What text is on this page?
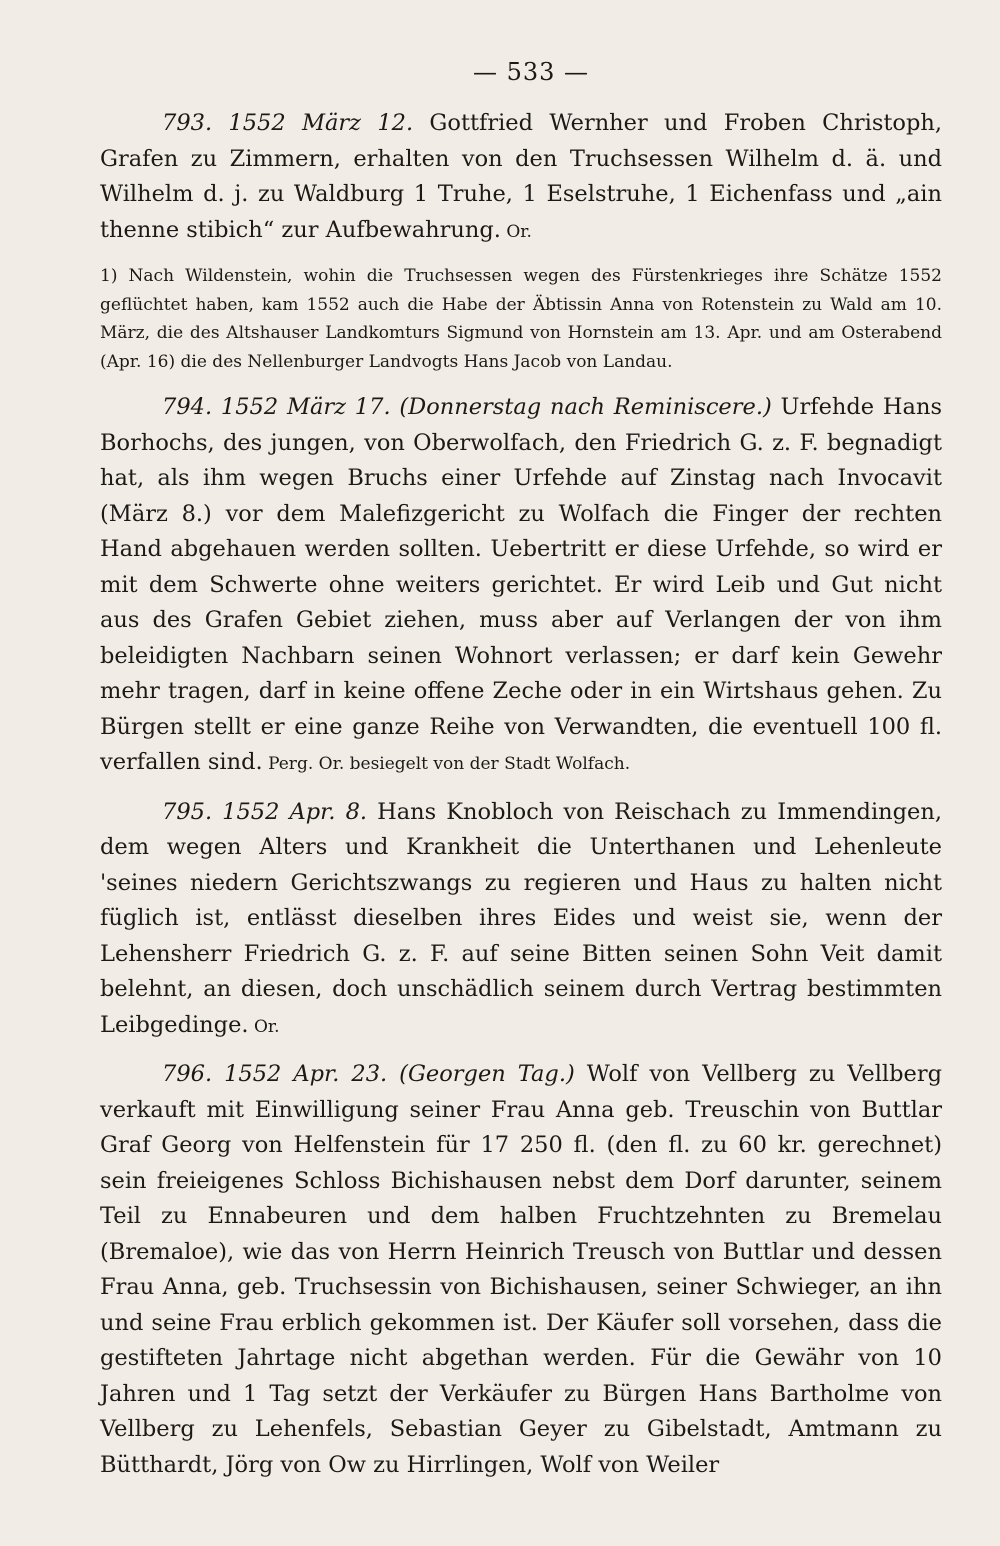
— 533 —

793. 1552 März 12. Gottfried Wernher und Froben Christoph, Grafen zu Zimmern, erhalten von den Truchsessen Wilhelm d. ä. und Wilhelm d. j. zu Waldburg 1 Truhe, 1 Eselstruhe, 1 Eichenfass und „ain thenne stibich“ zur Aufbewahrung. Or.

1) Nach Wildenstein, wohin die Truchsessen wegen des Fürstenkrieges ihre Schätze 1552 geflüchtet haben, kam 1552 auch die Habe der Äbtissin Anna von Rotenstein zu Wald am 10. März, die des Altshauser Landkomturs Sigmund von Hornstein am 13. Apr. und am Osterabend (Apr. 16) die des Nellenburger Landvogts Hans Jacob von Landau.

794. 1552 März 17. (Donnerstag nach Reminiscere.) Urfehde Hans Borhochs, des jungen, von Oberwolfach, den Friedrich G. z. F. begnadigt hat, als ihm wegen Bruchs einer Urfehde auf Zinstag nach Invocavit (März 8.) vor dem Malefizgericht zu Wolfach die Finger der rechten Hand abgehauen werden sollten. Uebertritt er diese Urfehde, so wird er mit dem Schwerte ohne weiters gerichtet. Er wird Leib und Gut nicht aus des Grafen Gebiet ziehen, muss aber auf Verlangen der von ihm beleidigten Nachbarn seinen Wohnort verlassen; er darf kein Gewehr mehr tragen, darf in keine offene Zeche oder in ein Wirtshaus gehen. Zu Bürgen stellt er eine ganze Reihe von Verwandten, die eventuell 100 fl. verfallen sind. Perg. Or. besiegelt von der Stadt Wolfach.

795. 1552 Apr. 8. Hans Knobloch von Reischach zu Immendingen, dem wegen Alters und Krankheit die Unterthanen und Lehenleute 'seines niedern Gerichtszwangs zu regieren und Haus zu halten nicht füglich ist, entlässt dieselben ihres Eides und weist sie, wenn der Lehensherr Friedrich G. z. F. auf seine Bitten seinen Sohn Veit damit belehnt, an diesen, doch unschädlich seinem durch Vertrag bestimmten Leibgedinge. Or.

796. 1552 Apr. 23. (Georgen Tag.) Wolf von Vellberg zu Vellberg verkauft mit Einwilligung seiner Frau Anna geb. Treuschin von Buttlar Graf Georg von Helfenstein für 17 250 fl. (den fl. zu 60 kr. gerechnet) sein freieigenes Schloss Bichishausen nebst dem Dorf darunter, seinem Teil zu Ennabeuren und dem halben Fruchtzehnten zu Bremelau (Bremaloe), wie das von Herrn Heinrich Treusch von Buttlar und dessen Frau Anna, geb. Truchsessin von Bichishausen, seiner Schwieger, an ihn und seine Frau erblich gekommen ist. Der Käufer soll vorsehen, dass die gestifteten Jahrtage nicht abgethan werden. Für die Gewähr von 10 Jahren und 1 Tag setzt der Verkäufer zu Bürgen Hans Bartholme von Vellberg zu Lehenfels, Sebastian Geyer zu Gibelstadt, Amtmann zu Bütthardt, Jörg von Ow zu Hirrlingen, Wolf von Weiler
